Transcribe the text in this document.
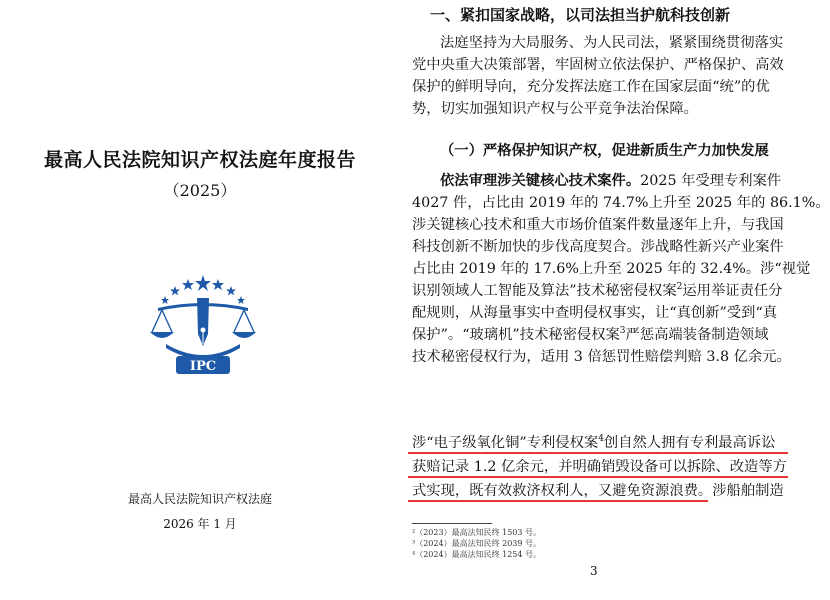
最高人民法院知识产权法庭年度报告
（2025）
IPC
最高人民法院知识产权法庭
2026 年 1 月
一、紧扣国家战略，以司法担当护航科技创新
法庭坚持为大局服务、为人民司法，紧紧围绕贯彻落实
党中央重大决策部署，牢固树立依法保护、严格保护、高效
保护的鲜明导向，充分发挥法庭工作在国家层面“统”的优
势，切实加强知识产权与公平竞争法治保障。
（一）严格保护知识产权，促进新质生产力加快发展
依法审理涉关键核心技术案件。2025 年受理专利案件
4027 件，占比由 2019 年的 74.7%上升至 2025 年的 86.1%。
涉关键核心技术和重大市场价值案件数量逐年上升，与我国
科技创新不断加快的步伐高度契合。涉战略性新兴产业案件
占比由 2019 年的 17.6%上升至 2025 年的 32.4%。涉“视觉
识别领域人工智能及算法”技术秘密侵权案$^2$运用举证责任分
配规则，从海量事实中查明侵权事实，让“真创新”受到“真
保护”。“玻璃机”技术秘密侵权案$^3$严惩高端装备制造领域
技术秘密侵权行为，适用 3 倍惩罚性赔偿判赔 3.8 亿余元。
涉“电子级氧化铜”专利侵权案$^4$创自然人拥有专利最高诉讼
获赔记录 1.2 亿余元，并明确销毁设备可以拆除、改造等方
式实现，既有效救济权利人，又避免资源浪费。涉船舶制造
²（2023）最高法知民终 1503 号。
³（2024）最高法知民终 2039 号。
⁴（2024）最高法知民终 1254 号。
3
